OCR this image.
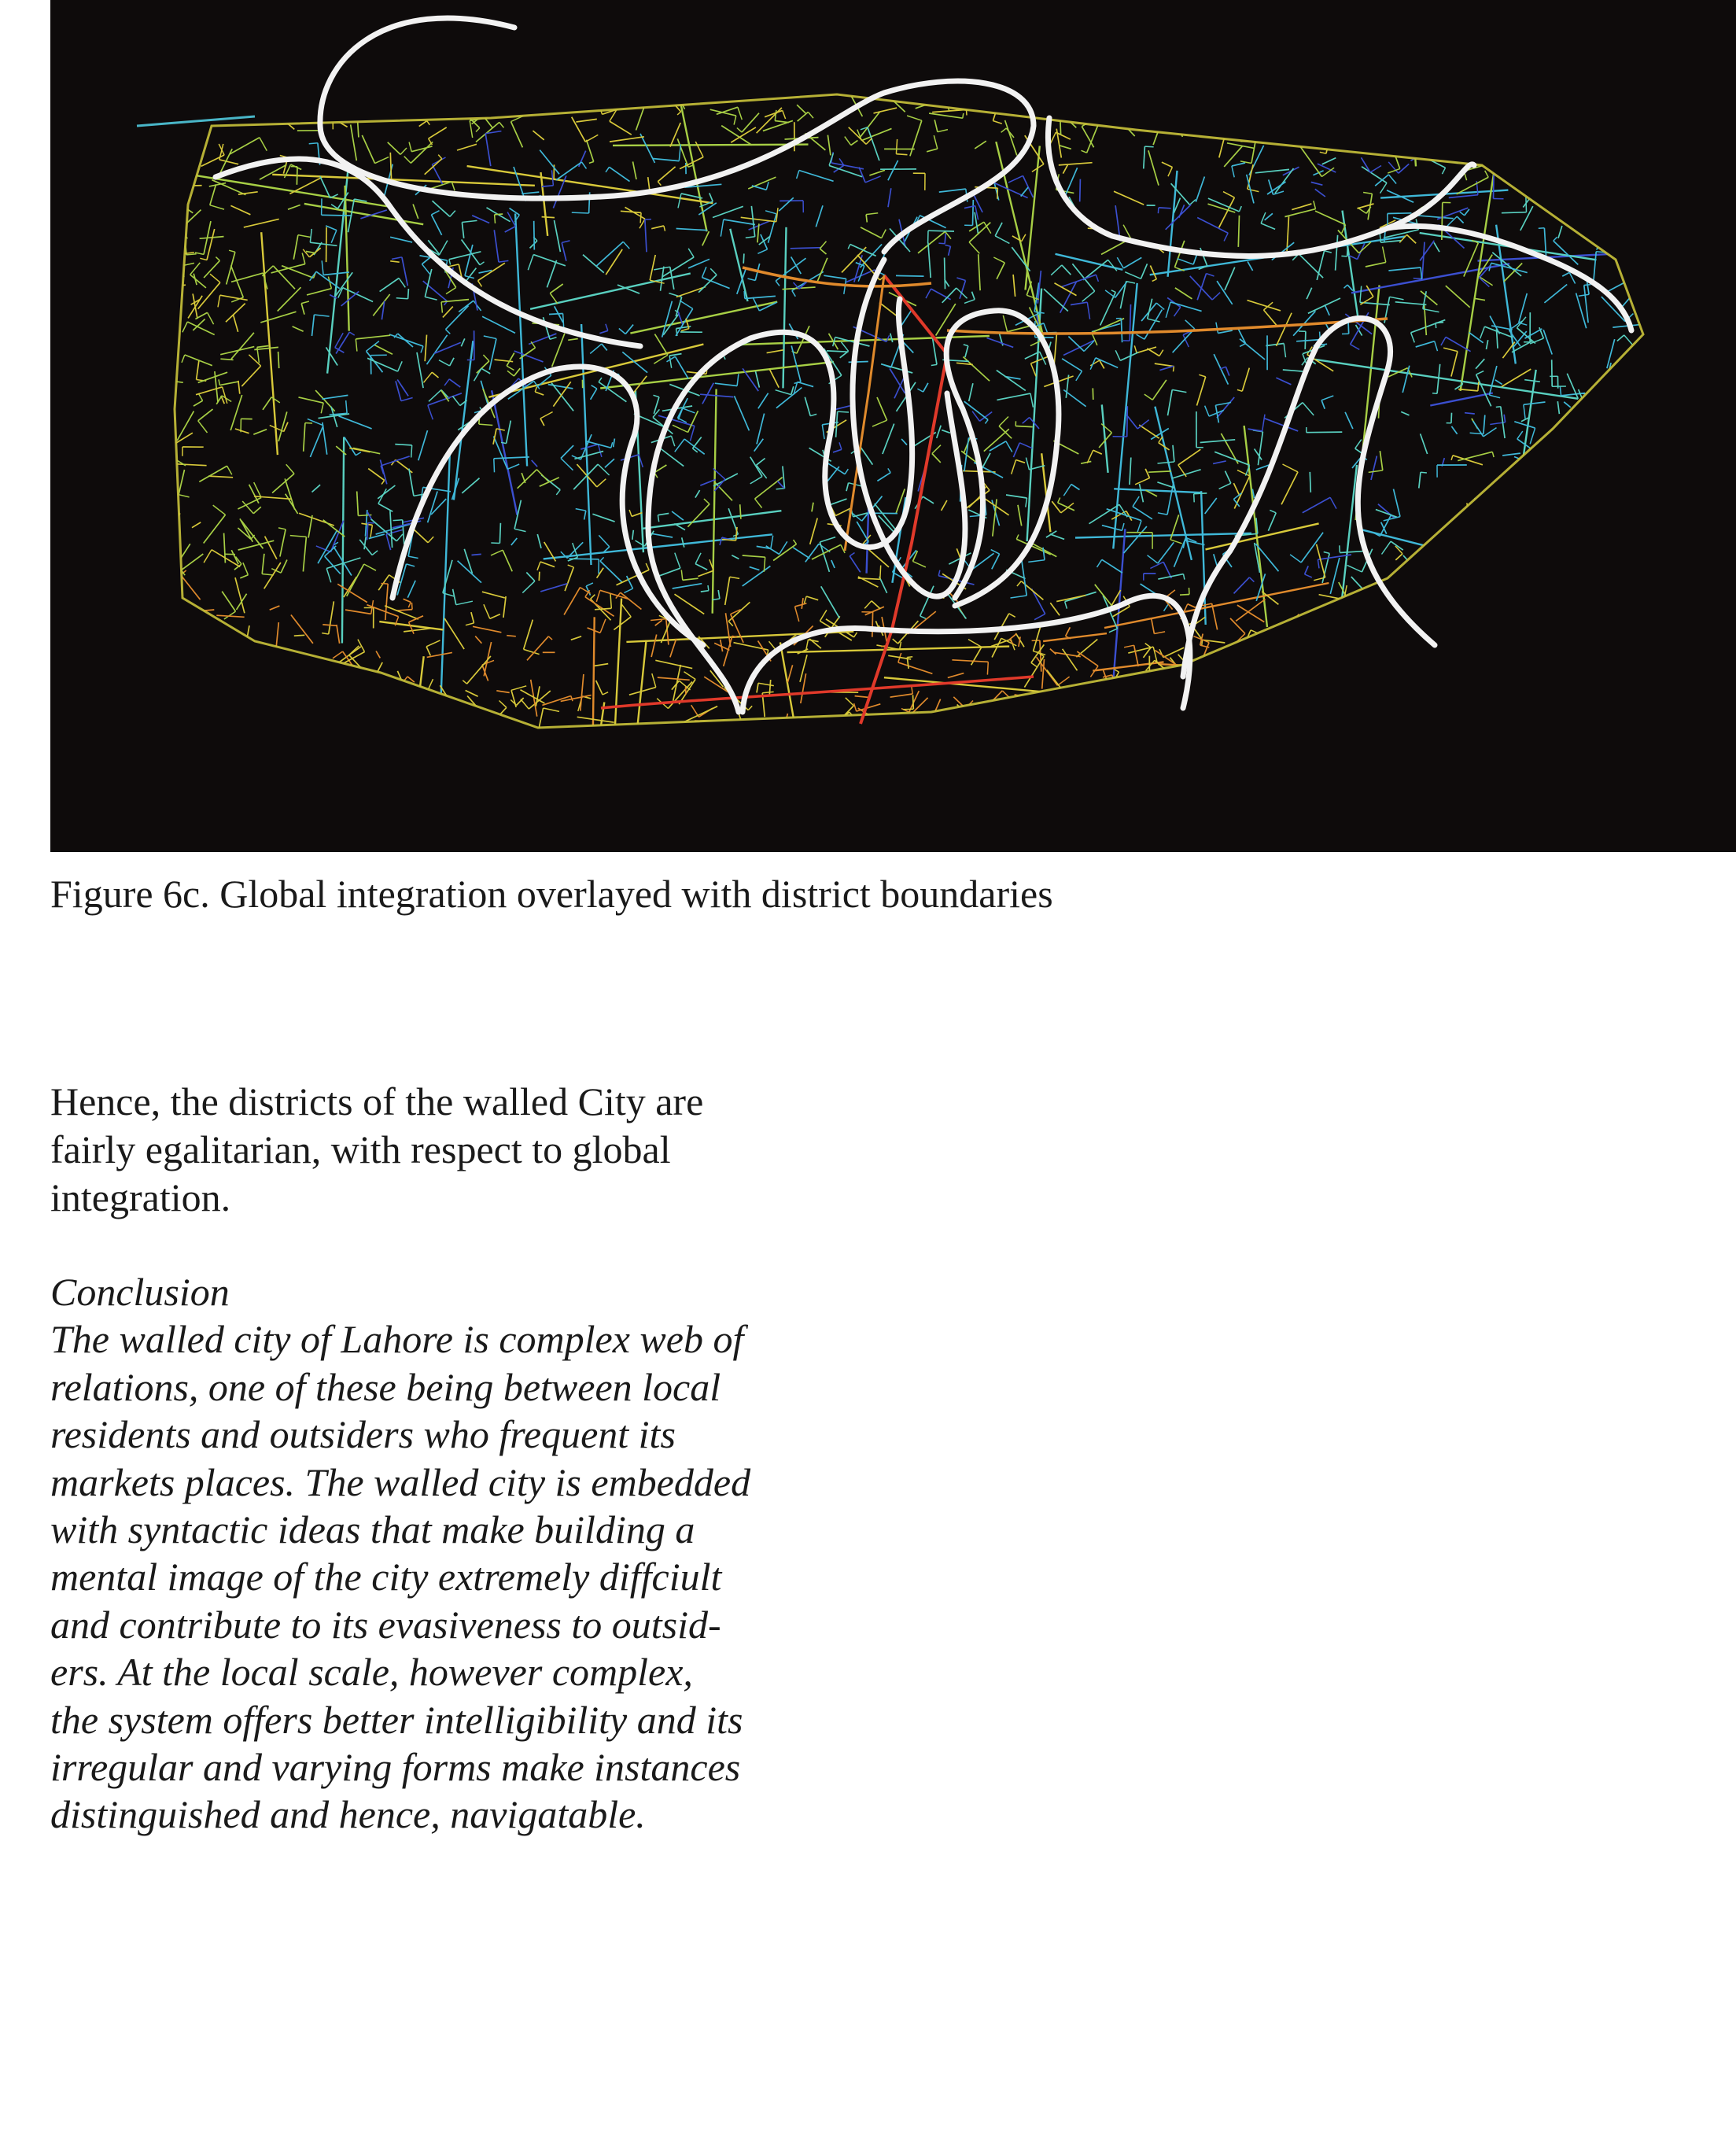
Figure 6c. Global integration overlayed with district boundaries

Hence, the districts of the walled City are
fairly egalitarian, with respect to global
integration.

Conclusion
The walled city of Lahore is complex web of
relations, one of these being between local
residents and outsiders who frequent its
markets places. The walled city is embedded
with syntactic ideas that make building a
mental image of the city extremely diffciult
and contribute to its evasiveness to outsid-
ers. At the local scale, however complex,
the system offers better intelligibility and its
irregular and varying forms make instances
distinguished and hence, navigatable.
